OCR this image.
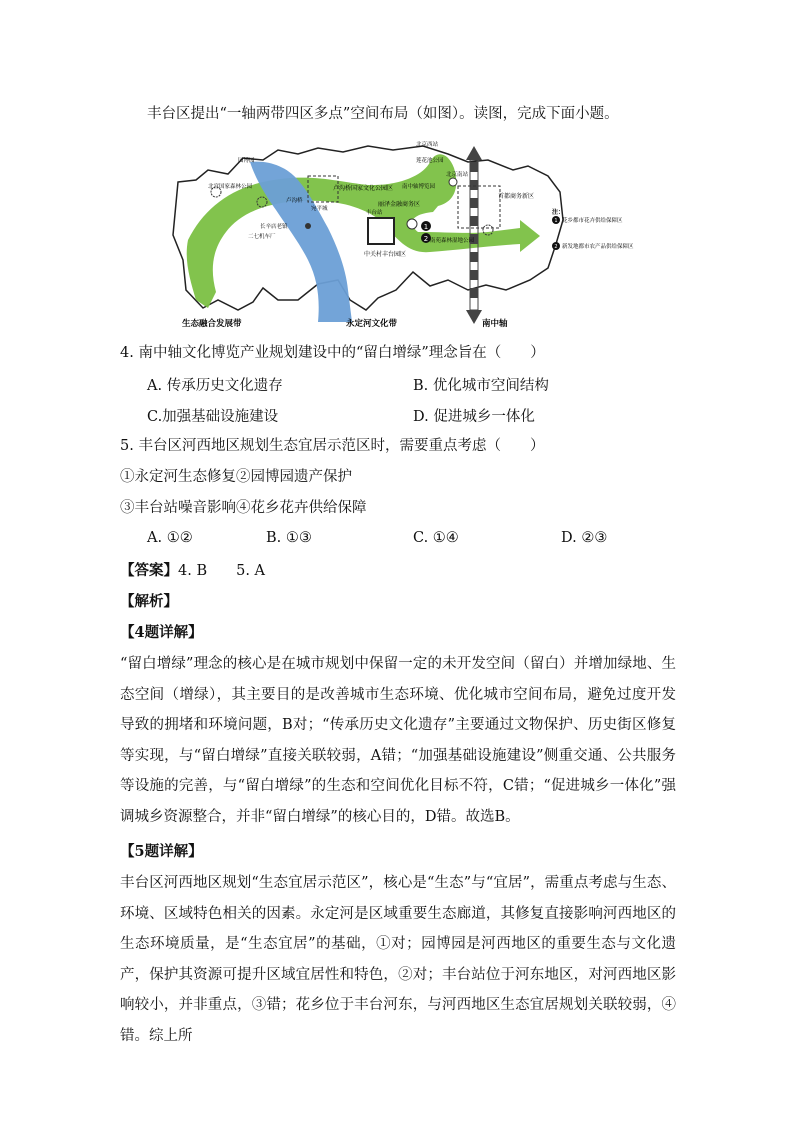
丰台区提出“一轴两带四区多点”空间布局（如图）。读图，完成下面小题。
1
2
园博园
北宫国家森林公园
二七机车厂
长辛店老镇
卢沟桥
宛平城
卢沟桥国家文化公园区
丽泽金融商务区
丰台站
中关村丰台园区
北京西站
莲花池公园
南中轴博览园
北京南站
首都商务新区
南苑森林湿地公园
注：
1 花乡都市花卉供给保障区
2 新发地都市农产品供给保障区
生态融合发展带	永定河文化带	南中轴
4. 南中轴文化博览产业规划建设中的“留白增绿”理念旨在（　　）
A. 传承历史文化遗存	B. 优化城市空间结构
C.加强基础设施建设	D. 促进城乡一体化
5. 丰台区河西地区规划生态宜居示范区时，需要重点考虑（　　）
①永定河生态修复②园博园遗产保护
③丰台站噪音影响④花乡花卉供给保障
A. ①②	B. ①③	C. ①④	D. ②③
【答案】4. B　　5. A
【解析】
【4题详解】
“留白增绿”理念的核心是在城市规划中保留一定的未开发空间（留白）并增加绿地、生态空间（增绿），其主要目的是改善城市生态环境、优化城市空间布局，避免过度开发导致的拥堵和环境问题，B对；“传承历史文化遗存”主要通过文物保护、历史街区修复等实现，与“留白增绿”直接关联较弱，A错；“加强基础设施建设”侧重交通、公共服务等设施的完善，与“留白增绿”的生态和空间优化目标不符，C错；“促进城乡一体化”强调城乡资源整合，并非“留白增绿”的核心目的，D错。故选B。
【5题详解】
丰台区河西地区规划“生态宜居示范区”，核心是“生态”与“宜居”，需重点考虑与生态、环境、区域特色相关的因素。永定河是区域重要生态廊道，其修复直接影响河西地区的生态环境质量，是“生态宜居”的基础，①对；园博园是河西地区的重要生态与文化遗产，保护其资源可提升区域宜居性和特色，②对；丰台站位于河东地区，对河西地区影响较小，并非重点，③错；花乡位于丰台河东，与河西地区生态宜居规划关联较弱，④错。综上所
